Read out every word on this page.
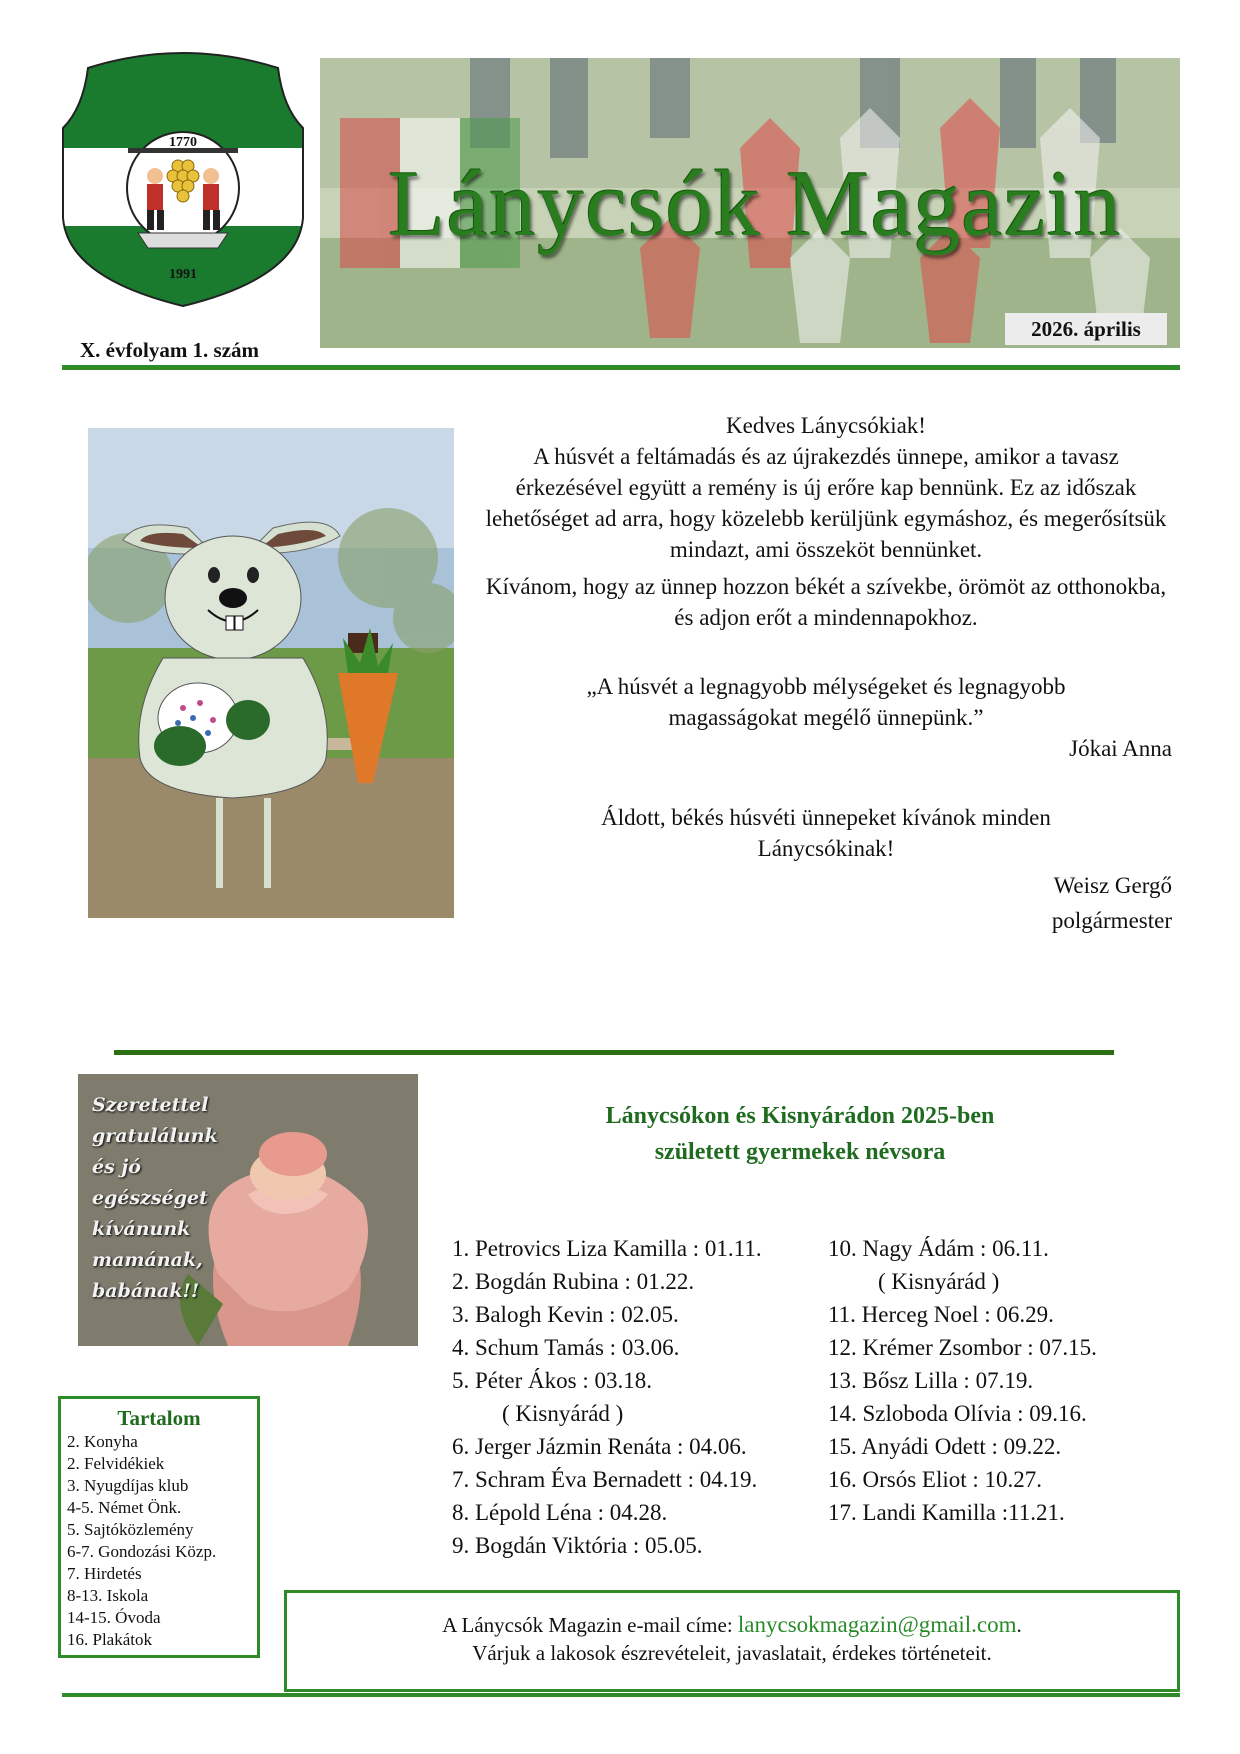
1770
1991
X. évfolyam 1. szám
Lánycsók Magazin
2026. április

Kedves Lánycsókiak!

A húsvét a feltámadás és az újrakezdés ünnepe, amikor a tavasz érkezésével együtt a remény is új erőre kap bennünk. Ez az időszak lehetőséget ad arra, hogy közelebb kerüljünk egymáshoz, és megerősítsük mindazt, ami összeköt bennünket.

Kívánom, hogy az ünnep hozzon békét a szívekbe, örömöt az otthonokba, és adjon erőt a mindennapokhoz.

„A húsvét a legnagyobb mélységeket és legnagyobb magasságokat megélő ünnepünk.”

Jókai Anna

Áldott, békés húsvéti ünnepeket kívánok minden Lánycsókinak!

Weisz Gergő

polgármester

Szeretettel
gratulálunk
és jó
egészséget
kívánunk
mamának,
babának!!
Lánycsókon és Kisnyárádon 2025-ben
született gyermekek névsora
1. Petrovics Liza Kamilla : 01.11.
2. Bogdán Rubina : 01.22.
3. Balogh Kevin : 02.05.
4. Schum Tamás : 03.06.
5. Péter Ákos : 03.18.
( Kisnyárád )
6. Jerger Jázmin Renáta : 04.06.
7. Schram Éva Bernadett : 04.19.
8. Lépold Léna : 04.28.
9. Bogdán Viktória : 05.05.
10. Nagy Ádám : 06.11.
( Kisnyárád )
11. Herceg Noel : 06.29.
12. Krémer Zsombor : 07.15.
13. Bősz Lilla : 07.19.
14. Szloboda Olívia : 09.16.
15. Anyádi Odett : 09.22.
16. Orsós Eliot : 10.27.
17. Landi Kamilla :11.21.
Tartalom
2. Konyha
2. Felvidékiek
3. Nyugdíjas klub
4-5. Német Önk.
5. Sajtóközlemény
6-7. Gondozási Közp.
7. Hirdetés
8-13. Iskola
14-15. Óvoda
16. Plakátok
A Lánycsók Magazin e-mail címe: lanycsokmagazin@gmail.com.
Várjuk a lakosok észrevételeit, javaslatait, érdekes történeteit.
